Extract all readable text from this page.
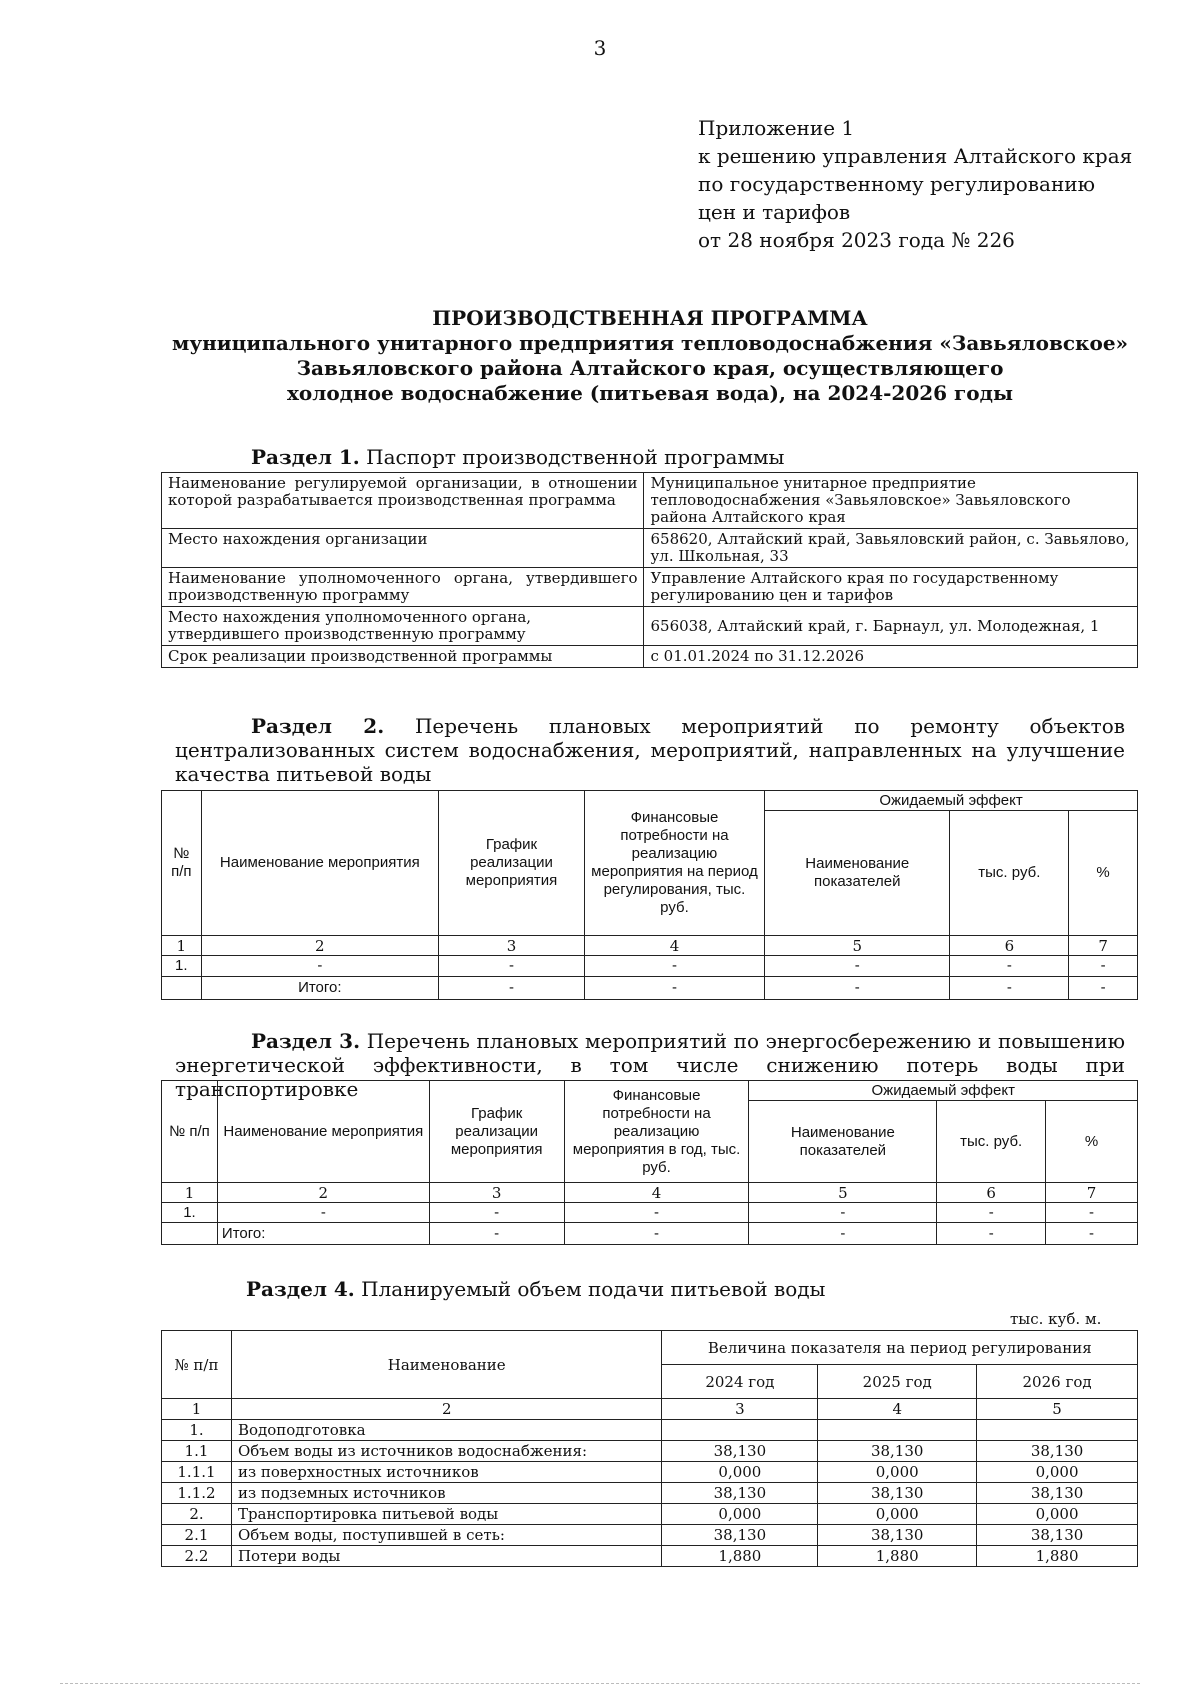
3
Приложение 1
к решению управления Алтайского края
по государственному регулированию
цен и тарифов
от 28 ноября 2023 года № 226
ПРОИЗВОДСТВЕННАЯ ПРОГРАММА
муниципального унитарного предприятия тепловодоснабжения «Завьяловское»
Завьяловского района Алтайского края, осуществляющего
холодное водоснабжение (питьевая вода), на 2024-2026 годы
Раздел 1. Паспорт производственной программы
Наименование регулируемой организации, в отношении которой разрабатывается производственная программа	Муниципальное унитарное предприятие тепловодоснабжения «Завьяловское» Завьяловского района Алтайского края
Место нахождения организации	658620, Алтайский край, Завьяловский район, с. Завьялово, ул. Школьная, 33
Наименование уполномоченного органа, утвердившего производственную программу	Управление Алтайского края по государственному регулированию цен и тарифов
Место нахождения уполномоченного органа, утвердившего производственную программу	656038, Алтайский край, г. Барнаул, ул. Молодежная, 1
Срок реализации производственной программы	с 01.01.2024 по 31.12.2026
Раздел 2. Перечень плановых мероприятий по ремонту объектов централизованных систем водоснабжения, мероприятий, направленных на улучшение качества питьевой воды
№ п/п	Наименование мероприятия	График реализации мероприятия	Финансовые потребности на реализацию мероприятия на период регулирования, тыс. руб.	Ожидаемый эффект		
				Наименование показателей	тыс. руб.	%
1	2	3	4	5	6	7
1.	-	-	-	-	-	-
	Итого:	-	-	-	-	-
Раздел 3. Перечень плановых мероприятий по энергосбережению и повышению энергетической эффективности, в том числе снижению потерь воды при транспортировке
№ п/п	Наименование мероприятия	График реализации мероприятия	Финансовые потребности на реализацию мероприятия в год, тыс. руб.	Ожидаемый эффект		
				Наименование показателей	тыс. руб.	%
1	2	3	4	5	6	7
1.	-	-	-	-	-	-
	Итого:	-	-	-	-	-
Раздел 4. Планируемый объем подачи питьевой воды
тыс. куб. м.
№ п/п	Наименование	Величина показателя на период регулирования		
		2024 год	2025 год	2026 год
1	2	3	4	5
1.	Водоподготовка			
1.1	Объем воды из источников водоснабжения:	38,130	38,130	38,130
1.1.1	из поверхностных источников	0,000	0,000	0,000
1.1.2	из подземных источников	38,130	38,130	38,130
2.	Транспортировка питьевой воды	0,000	0,000	0,000
2.1	Объем воды, поступившей в сеть:	38,130	38,130	38,130
2.2	Потери воды	1,880	1,880	1,880
